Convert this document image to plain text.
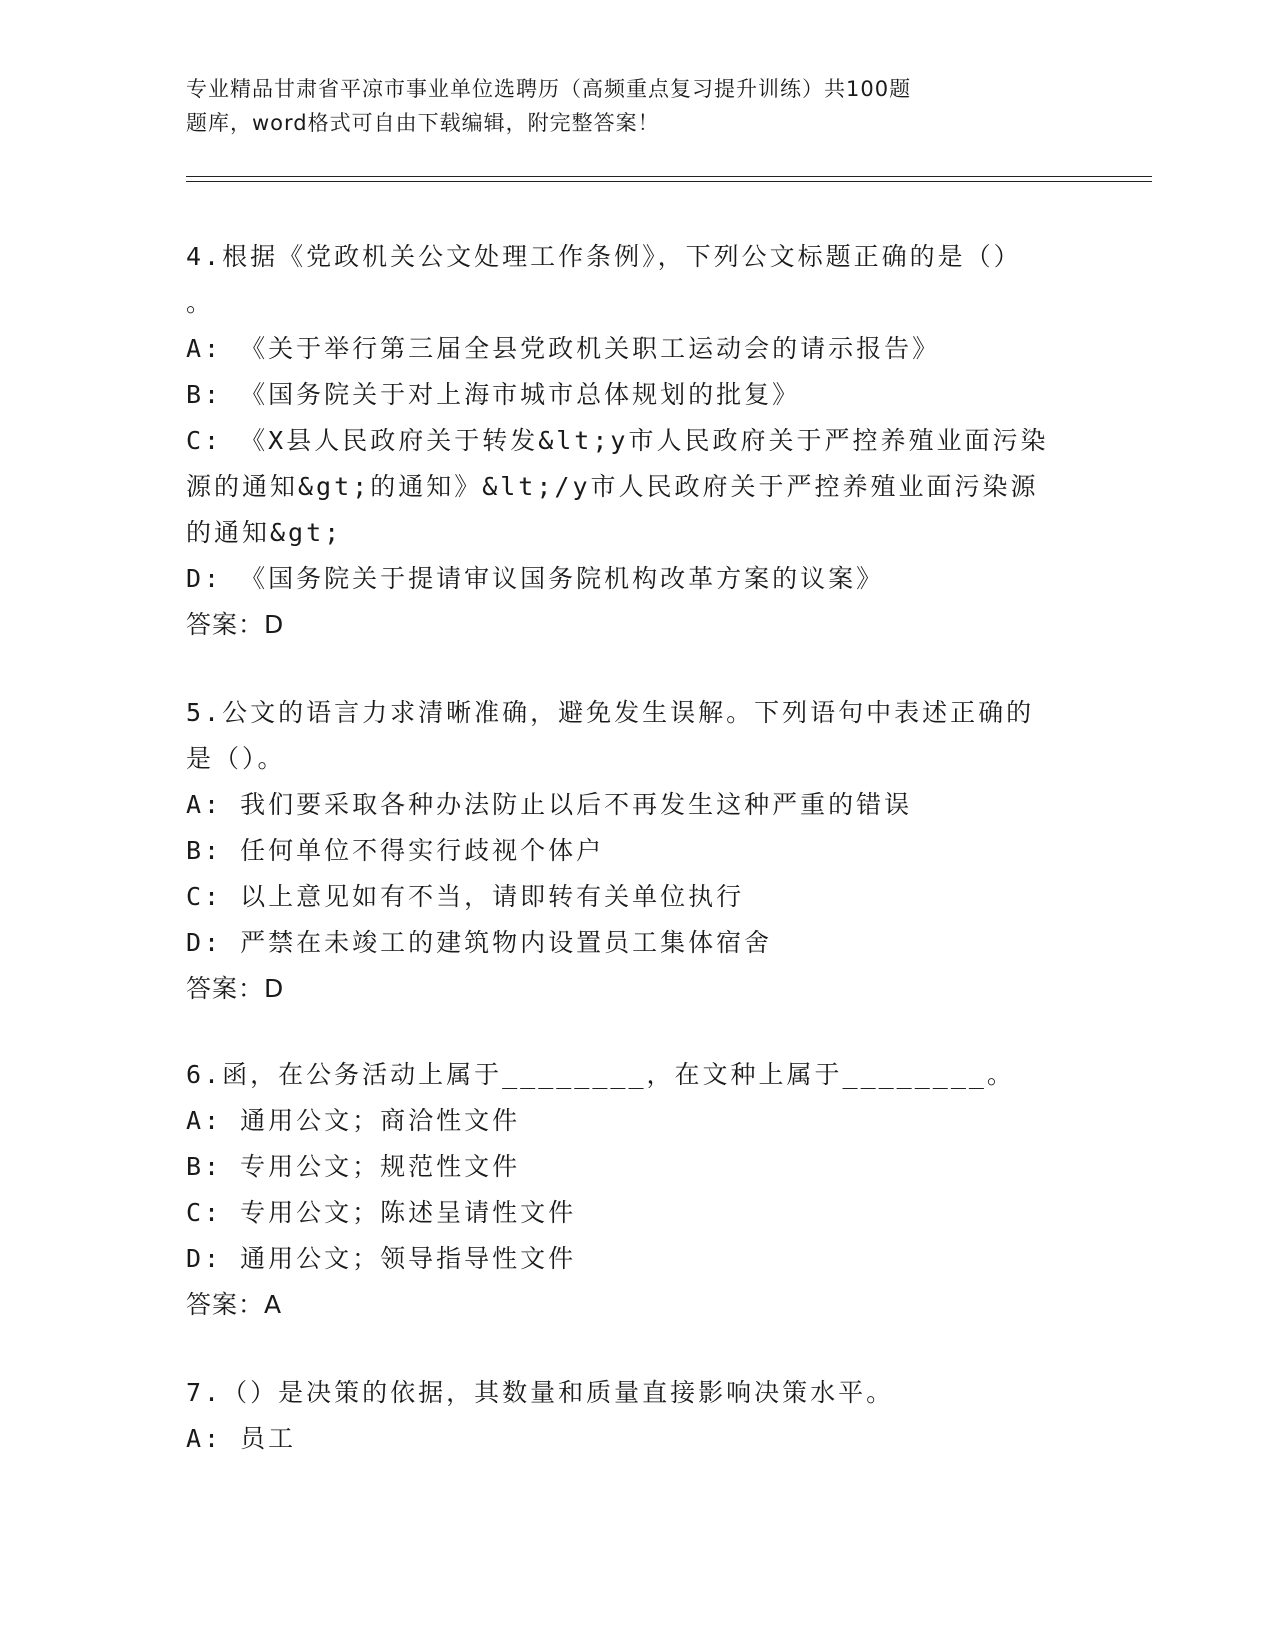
专业精品甘肃省平凉市事业单位选聘历（高频重点复习提升训练）共100题
题库，word格式可自由下载编辑，附完整答案！
4.根据《党政机关公文处理工作条例》，下列公文标题正确的是（）
。
A: 《关于举行第三届全县党政机关职工运动会的请示报告》
B: 《国务院关于对上海市城市总体规划的批复》
C: 《X县人民政府关于转发&lt;y市人民政府关于严控养殖业面污染源的通知&gt;的通知》&lt;/y市人民政府关于严控养殖业面污染源的通知&gt;
D: 《国务院关于提请审议国务院机构改革方案的议案》
答案：D
5.公文的语言力求清晰准确，避免发生误解。下列语句中表述正确的
是（）。
A: 我们要采取各种办法防止以后不再发生这种严重的错误
B: 任何单位不得实行歧视个体户
C: 以上意见如有不当，请即转有关单位执行
D: 严禁在未竣工的建筑物内设置员工集体宿舍
答案：D
6.函，在公务活动上属于________，在文种上属于________。
A: 通用公文；商洽性文件
B: 专用公文；规范性文件
C: 专用公文；陈述呈请性文件
D: 通用公文；领导指导性文件
答案：A
7.（）是决策的依据，其数量和质量直接影响决策水平。
A: 员工
